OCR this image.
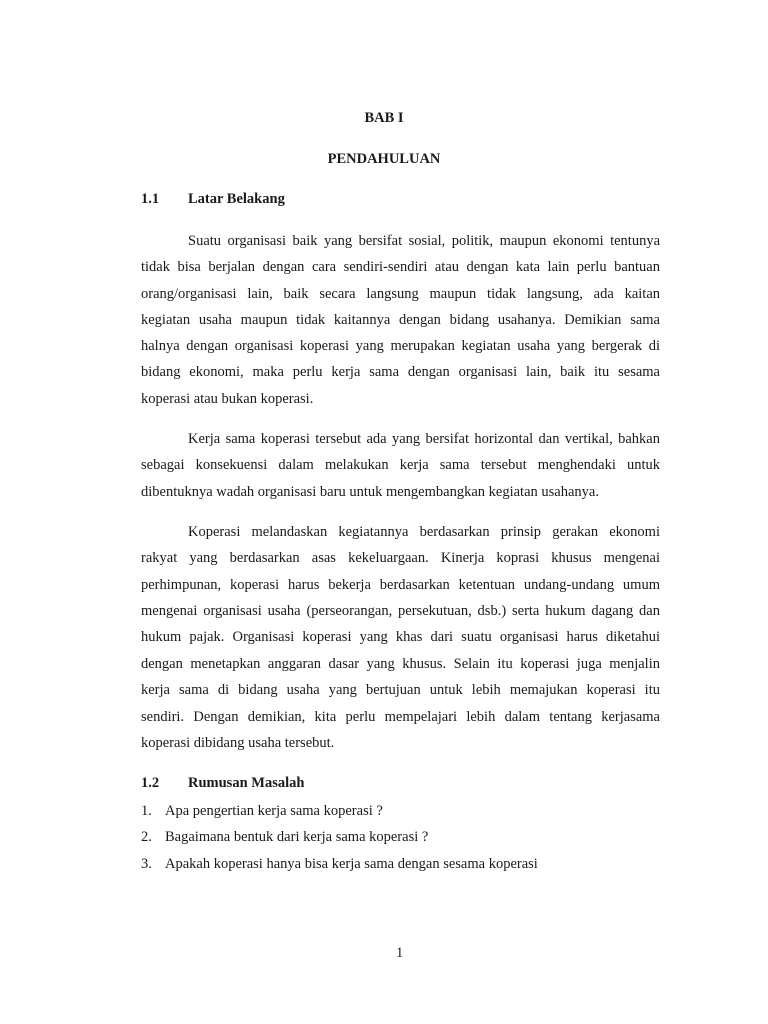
BAB I

PENDAHULUAN

1.1 Latar Belakang

Suatu organisasi baik yang bersifat sosial, politik, maupun ekonomi tentunya

tidak bisa berjalan dengan cara sendiri-sendiri atau dengan kata lain perlu bantuan

orang/organisasi lain, baik secara langsung maupun tidak langsung, ada kaitan

kegiatan usaha maupun tidak kaitannya dengan bidang usahanya. Demikian sama

halnya dengan organisasi koperasi yang merupakan kegiatan usaha yang bergerak di

bidang ekonomi, maka perlu kerja sama dengan organisasi lain, baik itu sesama

koperasi atau bukan koperasi.

Kerja sama koperasi tersebut ada yang bersifat horizontal dan vertikal, bahkan

sebagai konsekuensi dalam melakukan kerja sama tersebut menghendaki untuk

dibentuknya wadah organisasi baru untuk mengembangkan kegiatan usahanya.

Koperasi melandaskan kegiatannya berdasarkan prinsip gerakan ekonomi

rakyat yang berdasarkan asas kekeluargaan. Kinerja koprasi khusus mengenai

perhimpunan, koperasi harus bekerja berdasarkan ketentuan undang-undang umum

mengenai organisasi usaha (perseorangan, persekutuan, dsb.) serta hukum dagang dan

hukum pajak. Organisasi koperasi yang khas dari suatu organisasi harus diketahui

dengan menetapkan anggaran dasar yang khusus. Selain itu koperasi juga menjalin

kerja sama di bidang usaha yang bertujuan untuk lebih memajukan koperasi itu

sendiri. Dengan demikian, kita perlu mempelajari lebih dalam tentang kerjasama

koperasi dibidang usaha tersebut.

1.2 Rumusan Masalah

1. Apa pengertian kerja sama koperasi ?

2. Bagaimana bentuk dari kerja sama koperasi ?

3. Apakah koperasi hanya bisa kerja sama dengan sesama koperasi

1
